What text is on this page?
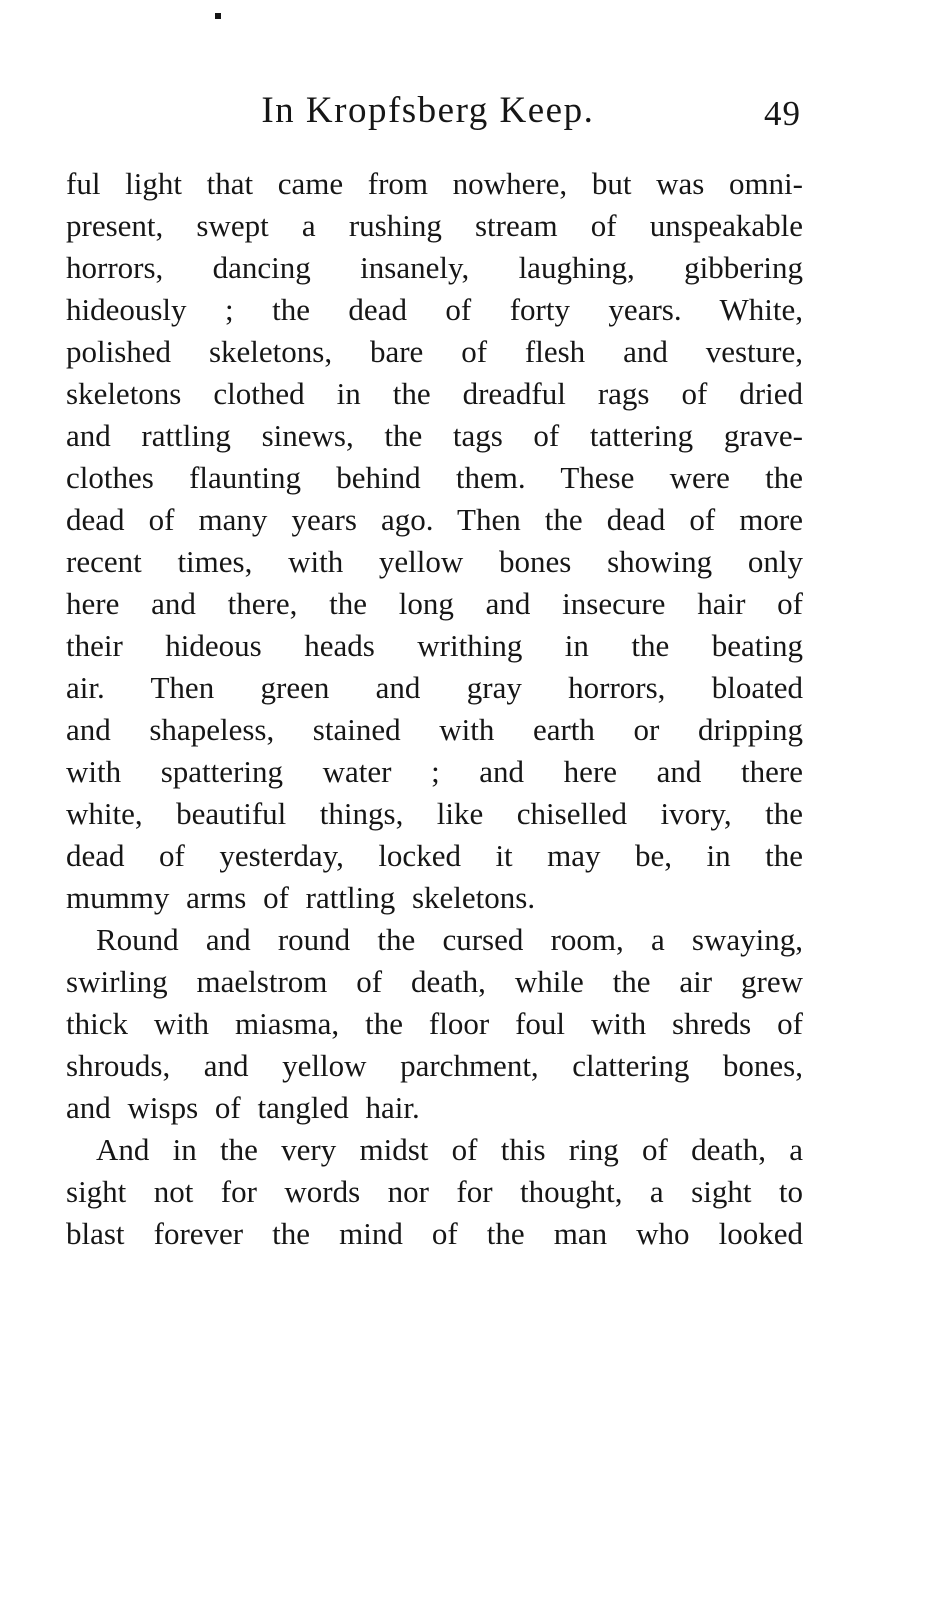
In Kropfsberg Keep.	49
ful light that came from nowhere, but was omni-
present, swept a rushing stream of unspeakable
horrors, dancing insanely, laughing, gibbering
hideously ; the dead of forty years. White,
polished skeletons, bare of flesh and vesture,
skeletons clothed in the dreadful rags of dried
and rattling sinews, the tags of tattering grave-
clothes flaunting behind them. These were the
dead of many years ago. Then the dead of more
recent times, with yellow bones showing only
here and there, the long and insecure hair of
their hideous heads writhing in the beating
air. Then green and gray horrors, bloated
and shapeless, stained with earth or dripping
with spattering water ; and here and there
white, beautiful things, like chiselled ivory, the
dead of yesterday, locked it may be, in the
mummy arms of rattling skeletons.
Round and round the cursed room, a swaying,
swirling maelstrom of death, while the air grew
thick with miasma, the floor foul with shreds of
shrouds, and yellow parchment, clattering bones,
and wisps of tangled hair.
And in the very midst of this ring of death, a
sight not for words nor for thought, a sight to
blast forever the mind of the man who looked
